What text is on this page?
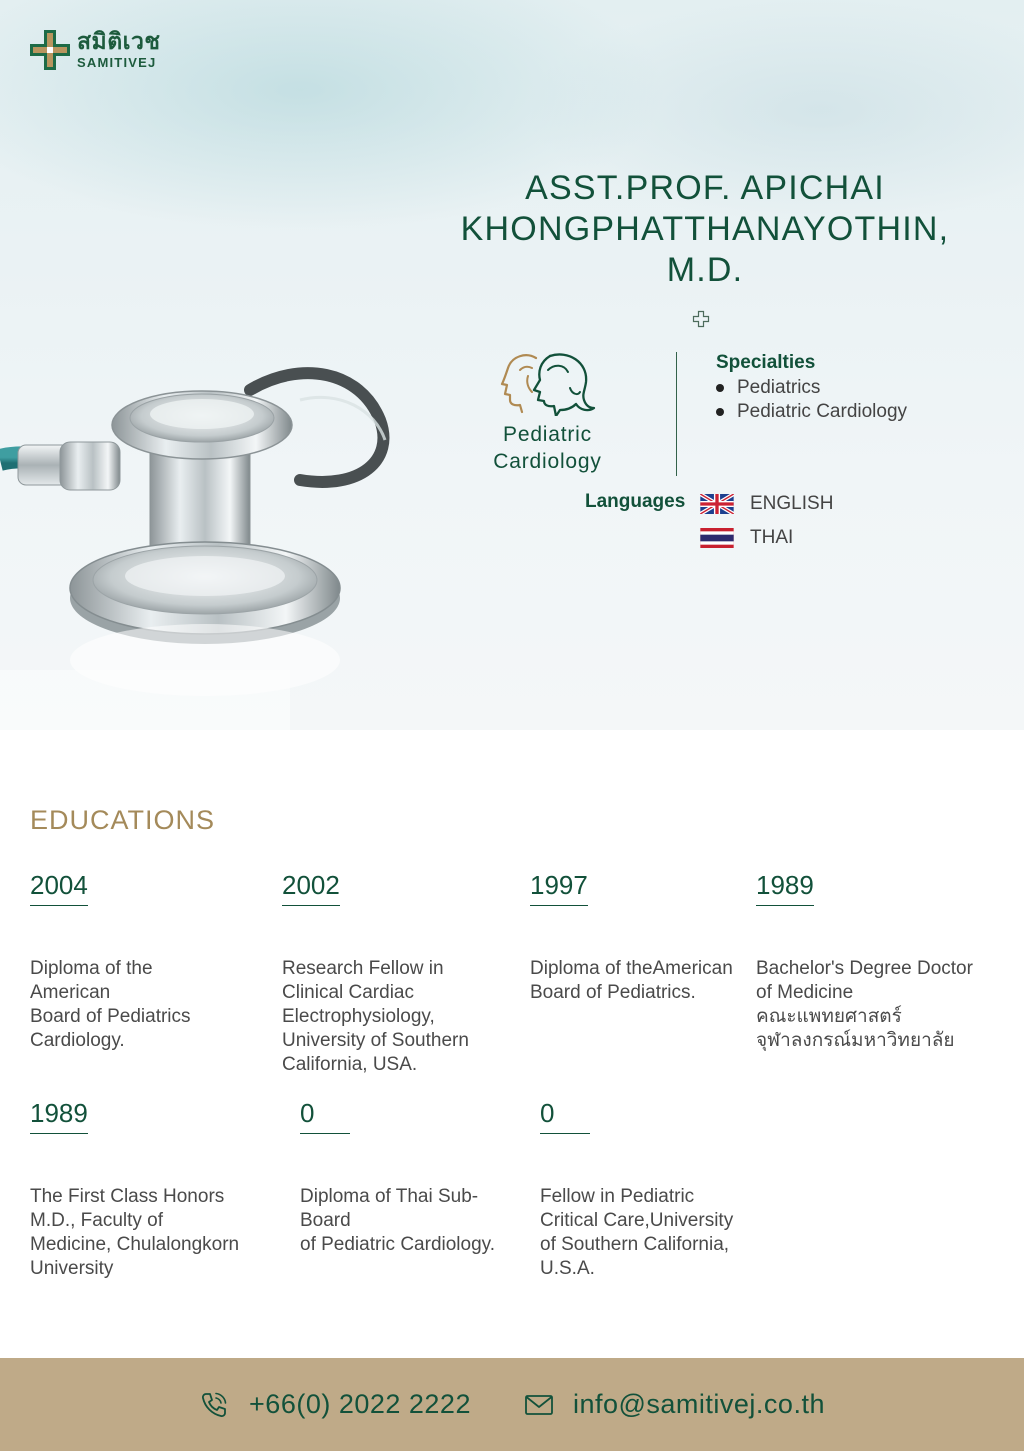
สมิติเวช
SAMITIVEJ
ASST.PROF. APICHAI KHONGPHATTHANAYOTHIN, M.D.
Pediatric
Cardiology
Specialties
Pediatrics
Pediatric Cardiology
Languages	ENGLISH
THAI
EDUCATIONS
2004
Diploma of the
American
Board of Pediatrics
Cardiology.
2002
Research Fellow in
Clinical Cardiac
Electrophysiology,
University of Southern
California, USA.
1997
Diploma of theAmerican
Board of Pediatrics.
1989
Bachelor's Degree Doctor
of Medicine
คณะแพทยศาสตร์
จุฬาลงกรณ์มหาวิทยาลัย
1989
The First Class Honors
M.D., Faculty of
Medicine, Chulalongkorn
University
0
Diploma of Thai Sub-
Board
of Pediatric Cardiology.
0
Fellow in Pediatric
Critical Care,University
of Southern California,
U.S.A.
+66(0) 2022 2222	info@samitivej.co.th
